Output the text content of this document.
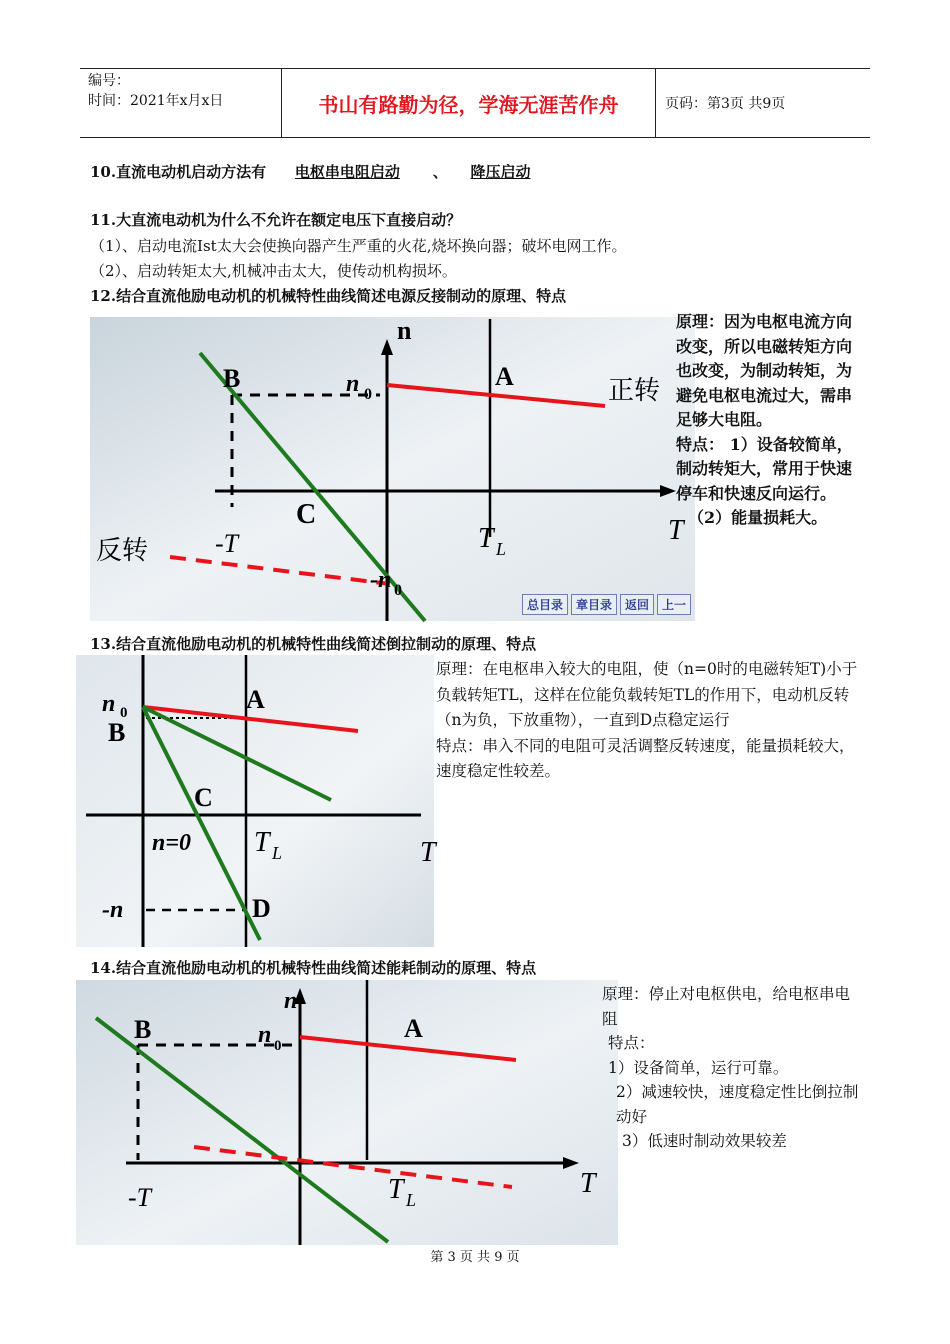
编号：
时间：2021年x月x日	书山有路勤为径，学海无涯苦作舟	页码：第3页 共9页
10.直流电动机启动方法有 电枢串电阻启动 、 降压启动
11.大直流电动机为什么不允许在额定电压下直接启动？
（1）、启动电流Ist太大会使换向器产生严重的火花,烧坏换向器；破坏电网工作。
（2）、启动转矩太大,机械冲击太大，使传动机构损坏。
12.结合直流他励电动机的机械特性曲线简述电源反接制动的原理、特点
n
B	n 0
A	正转
C
反转	-T	T L
T
-n 0
总目录	章目录	返回	上一
原理：因为电枢电流方向改变，所以电磁转矩方向也改变，为制动转矩，为避免电枢电流过大，需串足够大电阻。
特点： 1）设备较简单，制动转矩大，常用于快速停车和快速反向运行。
（2）能量损耗大。
13.结合直流他励电动机的机械特性曲线简述倒拉制动的原理、特点
n 0
B
A
C
n=0 T L	T
-n	D
原理：在电枢串入较大的电阻，使（n=0时的电磁转矩T)小于负载转矩TL，这样在位能负载转矩TL的作用下，电动机反转（n为负，下放重物），一直到D点稳定运行
特点：串入不同的电阻可灵活调整反转速度，能量损耗较大，速度稳定性较差。
14.结合直流他励电动机的机械特性曲线简述能耗制动的原理、特点
n
B	n 0
A
-T	T L
T
原理：停止对电枢供电，给电枢串电阻
特点：
1）设备简单，运行可靠。
2）减速较快，速度稳定性比倒拉制动好
3）低速时制动效果较差
第 3 页 共 9 页
